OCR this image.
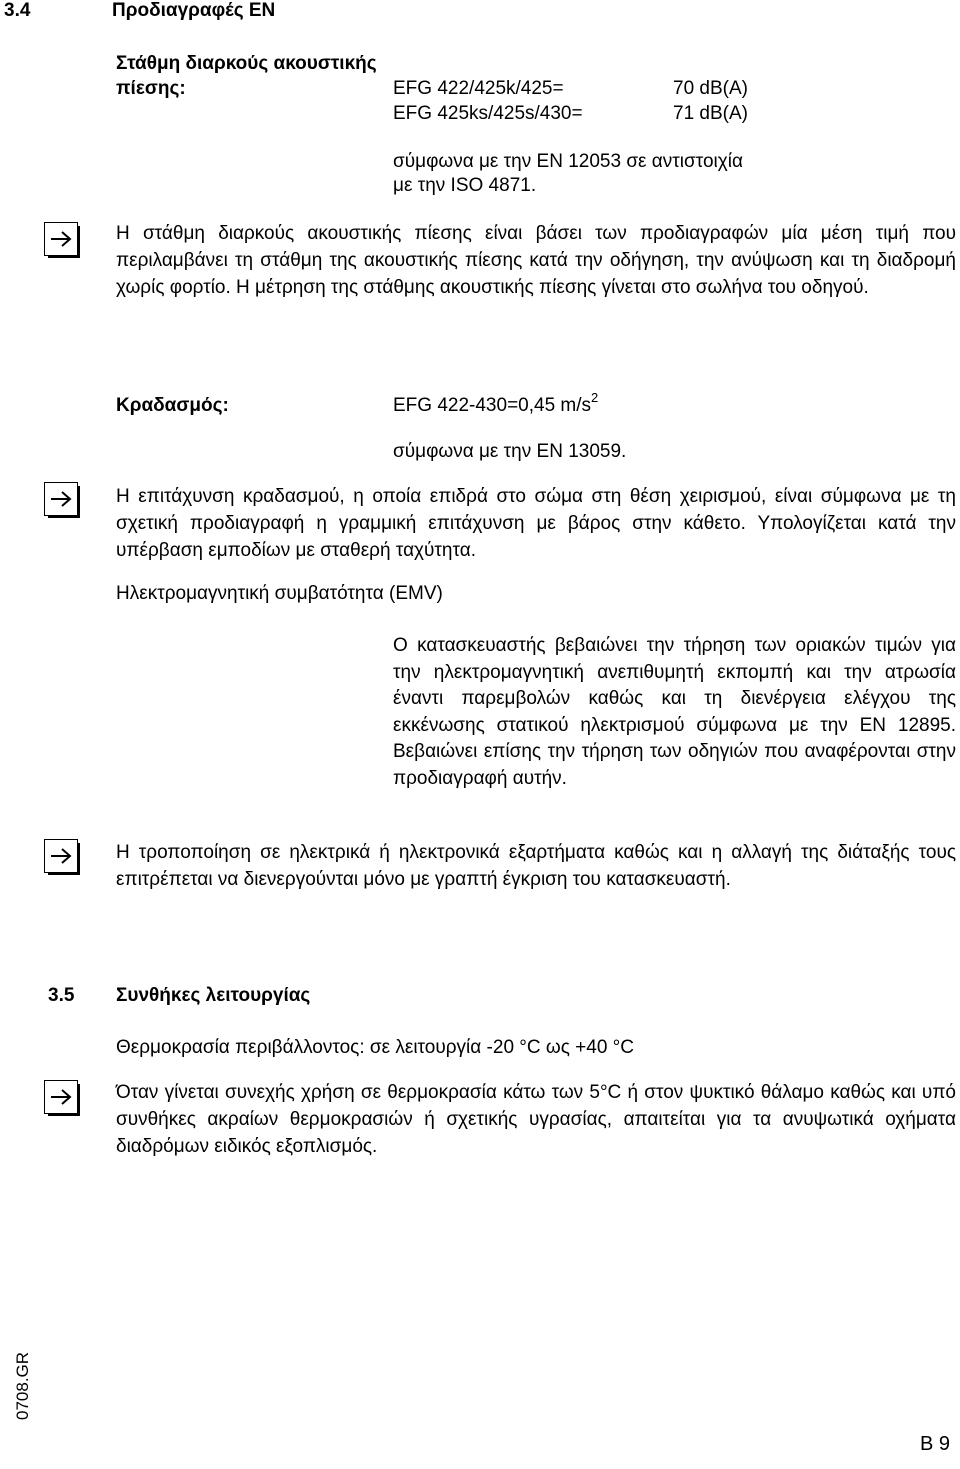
3.4	Προδιαγραφές EN
Στάθμη διαρκούς ακουστικής
πίεσης:	EFG 422/425k/425=	70 dB(A)
EFG 425ks/425s/430=	71 dB(A)
σύμφωνα με την EN 12053 σε αντιστοιχία
με την ISO 4871.
Η στάθμη διαρκούς ακουστικής πίεσης είναι βάσει των προδιαγραφών μία μέση τιμή που περιλαμβάνει τη στάθμη της ακουστικής πίεσης κατά την οδήγηση, την ανύψωση και τη διαδρομή χωρίς φορτίο. Η μέτρηση της στάθμης ακουστικής πίεσης γίνεται στο σωλήνα του οδηγού.
Κραδασμός:	EFG 422-430=0,45 $m/s^2$
σύμφωνα με την EN 13059.
Η επιτάχυνση κραδασμού, η οποία επιδρά στο σώμα στη θέση χειρισμού, είναι σύμφωνα με τη σχετική προδιαγραφή η γραμμική επιτάχυνση με βάρος στην κάθετο. Υπολογίζεται κατά την υπέρβαση εμποδίων με σταθερή ταχύτητα.
Ηλεκτρομαγνητική συμβατότητα (EMV)
Ο κατασκευαστής βεβαιώνει την τήρηση των οριακών τιμών για την ηλεκτρομαγνητική ανεπιθυμητή εκπομπή και την ατρωσία έναντι παρεμβολών καθώς και τη διενέργεια ελέγχου της εκκένωσης στατικού ηλεκτρισμού σύμφωνα με την EN 12895. Βεβαιώνει επίσης την τήρηση των οδηγιών που αναφέρονται στην προδιαγραφή αυτήν.
Η τροποποίηση σε ηλεκτρικά ή ηλεκτρονικά εξαρτήματα καθώς και η αλλαγή της διάταξής τους επιτρέπεται να διενεργούνται μόνο με γραπτή έγκριση του κατασκευαστή.
3.5 Συνθήκες λειτουργίας
Θερμοκρασία περιβάλλοντος: σε λειτουργία -20 °C ως +40 °C
Όταν γίνεται συνεχής χρήση σε θερμοκρασία κάτω των 5°C ή στον ψυκτικό θάλαμο καθώς και υπό συνθήκες ακραίων θερμοκρασιών ή σχετικής υγρασίας, απαιτείται για τα ανυψωτικά οχήματα διαδρόμων ειδικός εξοπλισμός.
0708.GR
B 9
